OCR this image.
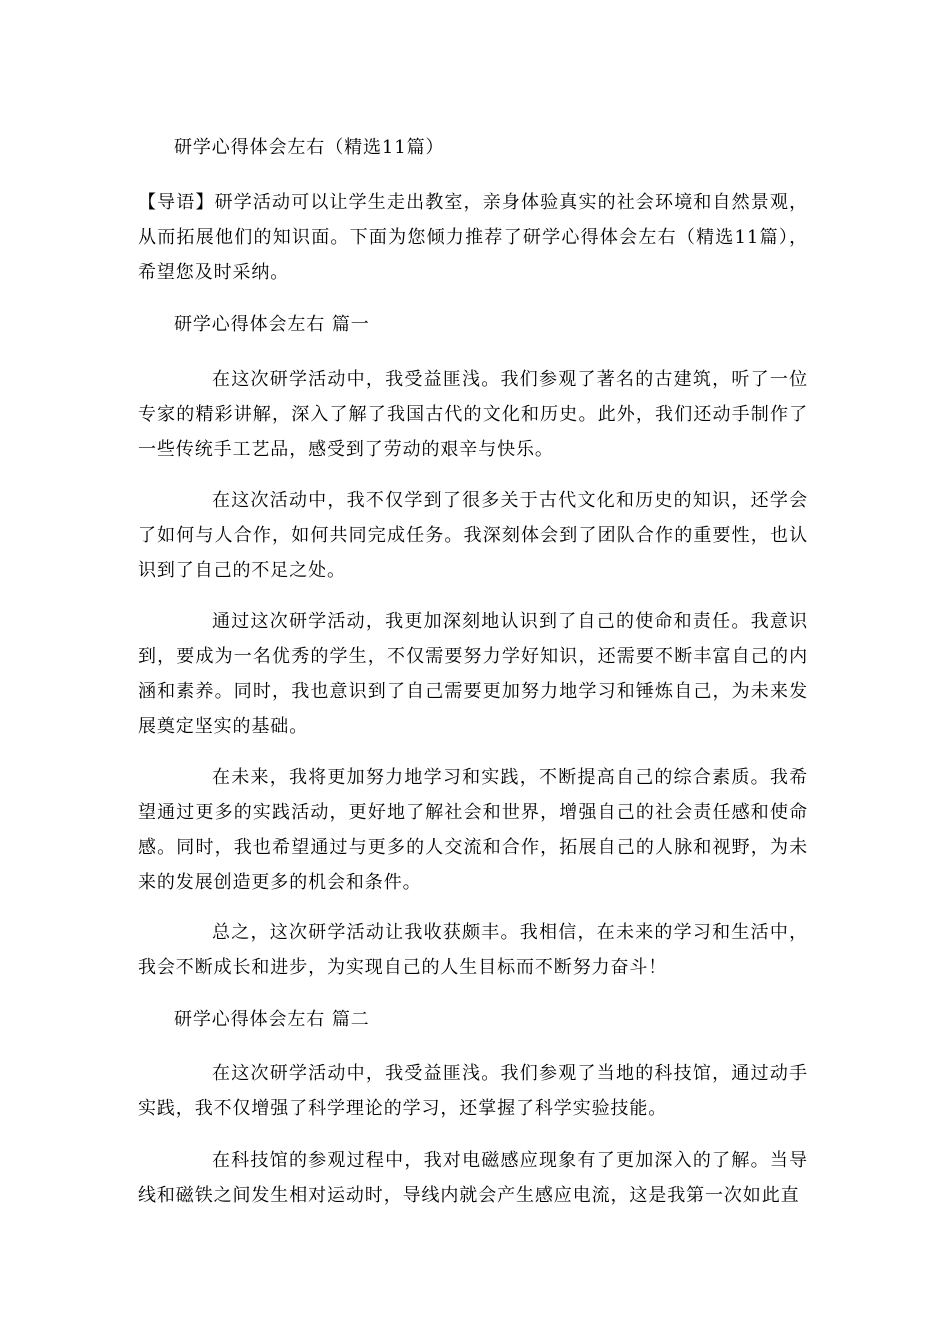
研学心得体会左右（精选11篇）

【导语】研学活动可以让学生走出教室，亲身体验真实的社会环境和自然景观，从而拓展他们的知识面。下面为您倾力推荐了研学心得体会左右（精选11篇），希望您及时采纳。

研学心得体会左右 篇一

在这次研学活动中，我受益匪浅。我们参观了著名的古建筑，听了一位专家的精彩讲解，深入了解了我国古代的文化和历史。此外，我们还动手制作了一些传统手工艺品，感受到了劳动的艰辛与快乐。

在这次活动中，我不仅学到了很多关于古代文化和历史的知识，还学会了如何与人合作，如何共同完成任务。我深刻体会到了团队合作的重要性，也认识到了自己的不足之处。

通过这次研学活动，我更加深刻地认识到了自己的使命和责任。我意识到，要成为一名优秀的学生，不仅需要努力学好知识，还需要不断丰富自己的内涵和素养。同时，我也意识到了自己需要更加努力地学习和锤炼自己，为未来发展奠定坚实的基础。

在未来，我将更加努力地学习和实践，不断提高自己的综合素质。我希望通过更多的实践活动，更好地了解社会和世界，增强自己的社会责任感和使命感。同时，我也希望通过与更多的人交流和合作，拓展自己的人脉和视野，为未来的发展创造更多的机会和条件。

总之，这次研学活动让我收获颇丰。我相信，在未来的学习和生活中，我会不断成长和进步，为实现自己的人生目标而不断努力奋斗！

研学心得体会左右 篇二

在这次研学活动中，我受益匪浅。我们参观了当地的科技馆，通过动手实践，我不仅增强了科学理论的学习，还掌握了科学实验技能。

在科技馆的参观过程中，我对电磁感应现象有了更加深入的了解。当导线和磁铁之间发生相对运动时，导线内就会产生感应电流，这是我第一次如此直
